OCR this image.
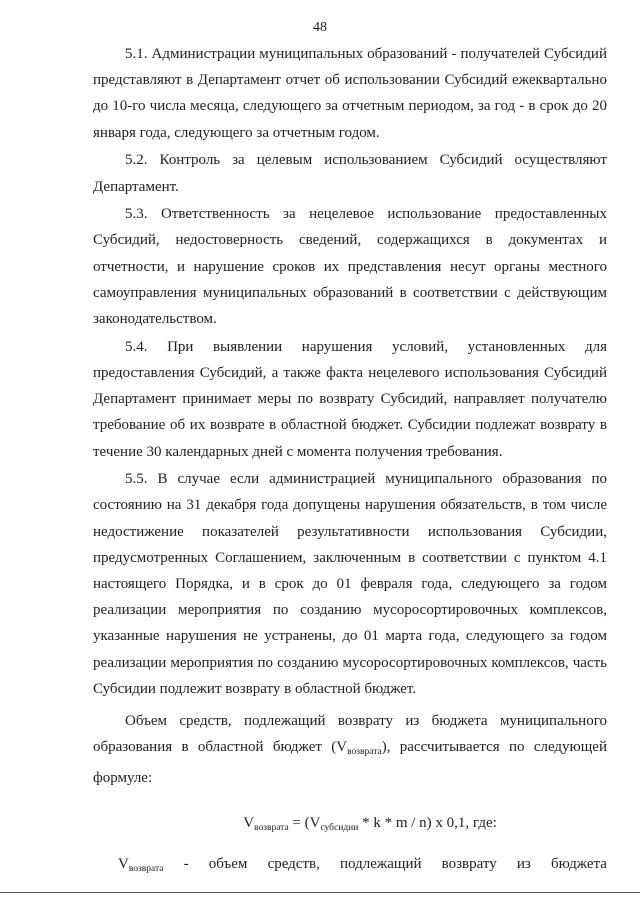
48

5.1. Администрации муниципальных образований - получателей Субсидий представляют в Департамент отчет об использовании Субсидий ежеквартально до 10-го числа месяца, следующего за отчетным периодом, за год - в срок до 20 января года, следующего за отчетным годом.

5.2. Контроль за целевым использованием Субсидий осуществляют Департамент.

5.3. Ответственность за нецелевое использование предоставленных Субсидий, недостоверность сведений, содержащихся в документах и отчетности, и нарушение сроков их представления несут органы местного самоуправления муниципальных образований в соответствии с действующим законодательством.

5.4. При выявлении нарушения условий, установленных для предоставления Субсидий, а также факта нецелевого использования Субсидий Департамент принимает меры по возврату Субсидий, направляет получателю требование об их возврате в областной бюджет. Субсидии подлежат возврату в течение 30 календарных дней с момента получения требования.

5.5. В случае если администрацией муниципального образования по состоянию на 31 декабря года допущены нарушения обязательств, в том числе недостижение показателей результативности использования Субсидии, предусмотренных Соглашением, заключенным в соответствии с пунктом 4.1 настоящего Порядка, и в срок до 01 февраля года, следующего за годом реализации мероприятия по созданию мусоросортировочных комплексов, указанные нарушения не устранены, до 01 марта года, следующего за годом реализации мероприятия по созданию мусоросортировочных комплексов, часть Субсидии подлежит возврату в областной бюджет.

Объем средств, подлежащий возврату из бюджета муниципального образования в областной бюджет $(V_{возврата})$, рассчитывается по следующей формуле:

$V_{возврата} = (V_{субсидии} * k * m / n)$ x 0,1, где:
$V_{возврата}$ - объем средств, подлежащий возврату из бюджета
